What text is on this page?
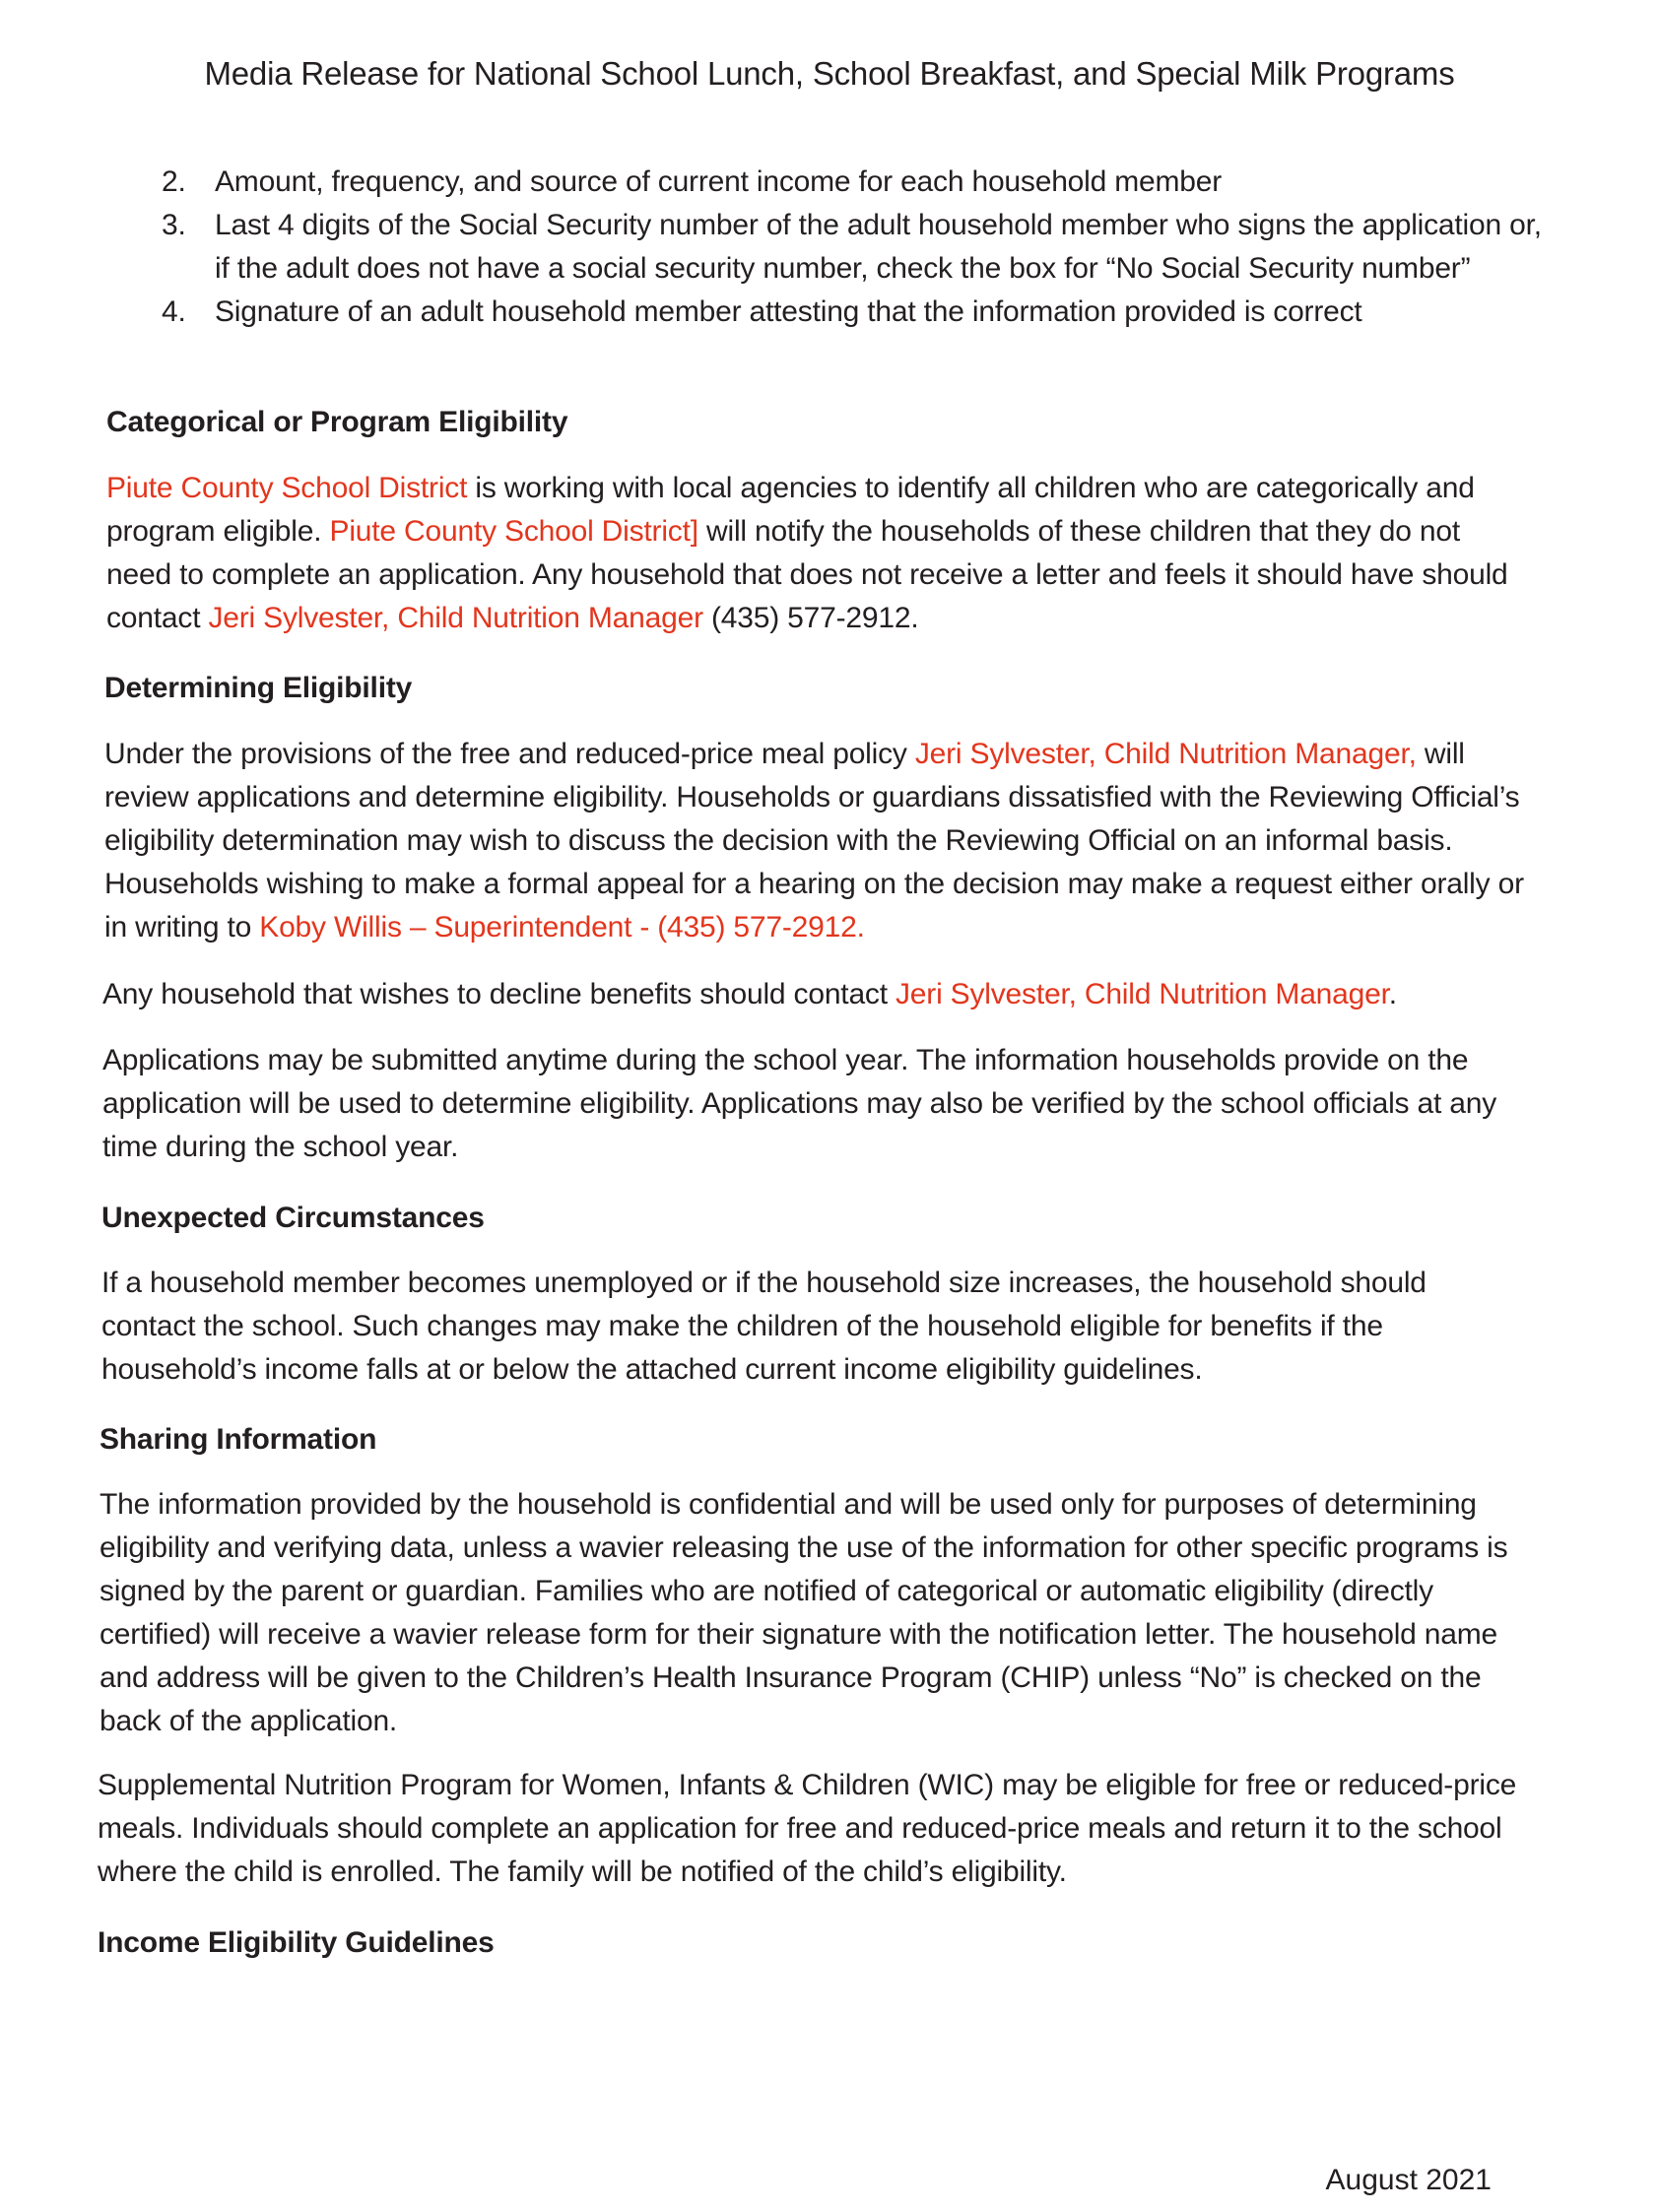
Media Release for National School Lunch, School Breakfast, and Special Milk Programs
2. Amount, frequency, and source of current income for each household member
3. Last 4 digits of the Social Security number of the adult household member who signs the application or, if the adult does not have a social security number, check the box for “No Social Security number”
4. Signature of an adult household member attesting that the information provided is correct
Categorical or Program Eligibility

Piute County School District is working with local agencies to identify all children who are categorically and program eligible. Piute County School District] will notify the households of these children that they do not need to complete an application. Any household that does not receive a letter and feels it should have should contact Jeri Sylvester, Child Nutrition Manager (435) 577-2912.

Determining Eligibility

Under the provisions of the free and reduced-price meal policy Jeri Sylvester, Child Nutrition Manager, will review applications and determine eligibility. Households or guardians dissatisfied with the Reviewing Official’s eligibility determination may wish to discuss the decision with the Reviewing Official on an informal basis. Households wishing to make a formal appeal for a hearing on the decision may make a request either orally or in writing to Koby Willis – Superintendent - (435) 577-2912.

Any household that wishes to decline benefits should contact Jeri Sylvester, Child Nutrition Manager.

Applications may be submitted anytime during the school year. The information households provide on the application will be used to determine eligibility. Applications may also be verified by the school officials at any time during the school year.

Unexpected Circumstances

If a household member becomes unemployed or if the household size increases, the household should contact the school. Such changes may make the children of the household eligible for benefits if the household’s income falls at or below the attached current income eligibility guidelines.

Sharing Information

The information provided by the household is confidential and will be used only for purposes of determining eligibility and verifying data, unless a wavier releasing the use of the information for other specific programs is signed by the parent or guardian. Families who are notified of categorical or automatic eligibility (directly certified) will receive a wavier release form for their signature with the notification letter. The household name and address will be given to the Children’s Health Insurance Program (CHIP) unless “No” is checked on the back of the application.

Supplemental Nutrition Program for Women, Infants & Children (WIC) may be eligible for free or reduced-price meals. Individuals should complete an application for free and reduced-price meals and return it to the school where the child is enrolled. The family will be notified of the child’s eligibility.

Income Eligibility Guidelines
August 2021
